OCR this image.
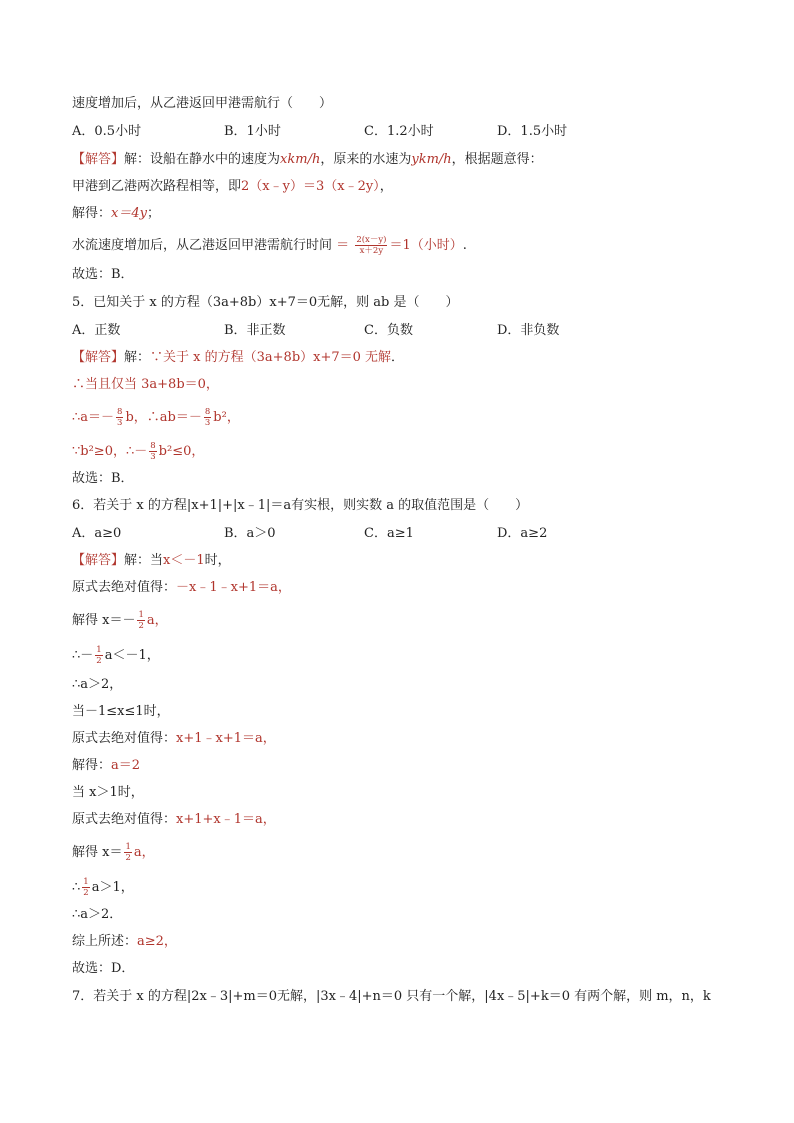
速度增加后，从乙港返回甲港需航行（　　）
A．0.5小时	B．1小时	C．1.2小时	D．1.5小时
【解答】解：设船在静水中的速度为xkm/h，原来的水速为ykm/h，根据题意得：
甲港到乙港两次路程相等，即2（x﹣y）＝3（x﹣2y），
解得：x＝4y；
水流速度增加后，从乙港返回甲港需航行时间 ＝ $\frac{2(x-y)}{x+2y} =1$（小时）.
故选：B．
5．已知关于 x 的方程（3a+8b）x+7＝0无解，则 ab 是（　　）
A．正数	B．非正数	C．负数	D．非负数
【解答】解：∵关于 x 的方程（3a+8b）x+7＝0 无解．
∴当且仅当 3a+8b＝0，
∴a＝－ $\frac{8}{3}$ b，∴ab＝－ $\frac{8}{3} b^2$，
∵b²≥0，∴－ $\frac{8}{3} b^2\le 0$，
故选：B．
6．若关于 x 的方程|x+1|+|x﹣1|＝a有实根，则实数 a 的取值范围是（　　）
A．a≥0	B．a＞0	C．a≥1	D．a≥2
【解答】解：当x＜－1时，
原式去绝对值得：－x﹣1﹣x+1＝a，
解得 $x=- \frac{1}{2}$ a，
∴－ $\frac{1}{2} a<-1$，
∴a＞2，
当－1≤x≤1时，
原式去绝对值得：x+1﹣x+1＝a，
解得：a＝2
当 x＞1时，
原式去绝对值得：x+1+x﹣1＝a，
解得 $x= \frac{1}{2}$ a，
∴ $\frac{1}{2} a>1$，
∴a＞2．
综上所述：a≥2，
故选：D．
7．若关于 x 的方程|2x﹣3|+m＝0无解，|3x﹣4|+n＝0 只有一个解，|4x﹣5|+k＝0 有两个解，则 m，n，k
